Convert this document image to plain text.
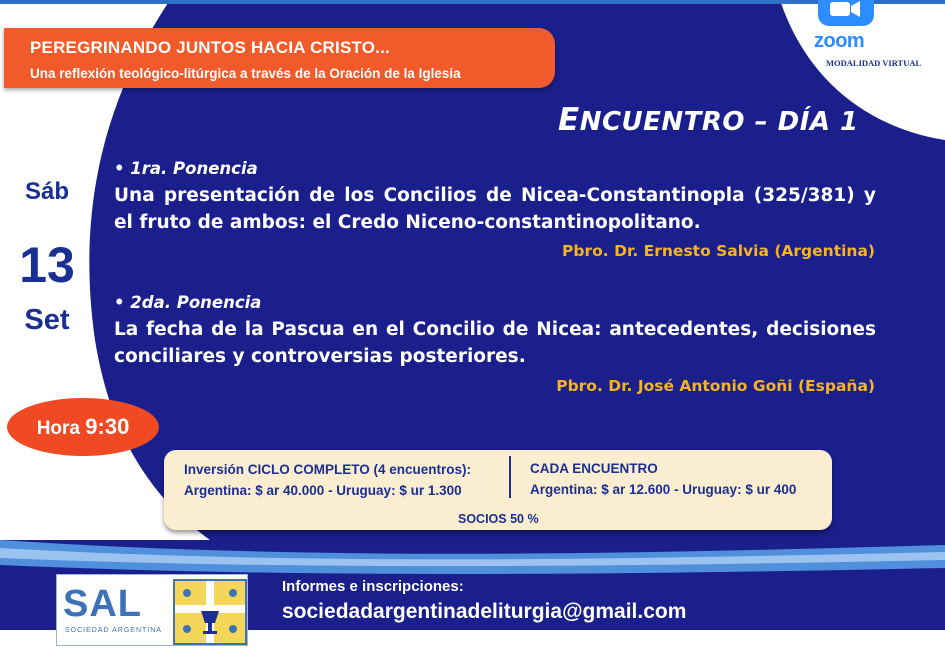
PEREGRINANDO JUNTOS HACIA CRISTO...
Una reflexión teológico-litúrgica a través de la Oración de la Iglesia
zoom
MODALIDAD VIRTUAL
ENCUENTRO – DÍA 1
Sáb
13
Set
Hora 9:30
• 1ra. Ponencia
Una presentación de los Concilios de Nicea-Constantinopla (325/381) y el fruto de ambos: el Credo Niceno-constantinopolitano.
Pbro. Dr. Ernesto Salvia (Argentina)
• 2da. Ponencia
La fecha de la Pascua en el Concilio de Nicea: antecedentes, decisiones conciliares y controversias posteriores.
Pbro. Dr. José Antonio Goñi (España)
Inversión CICLO COMPLETO (4 encuentros):
Argentina: $ ar 40.000 - Uruguay: $ ur 1.300
CADA ENCUENTRO
Argentina: $ ar 12.600 - Uruguay: $ ur 400
SOCIOS 50 %
SAL
SOCIEDAD ARGENTINA
Informes e inscripciones:
sociedadargentinadeliturgia@gmail.com
